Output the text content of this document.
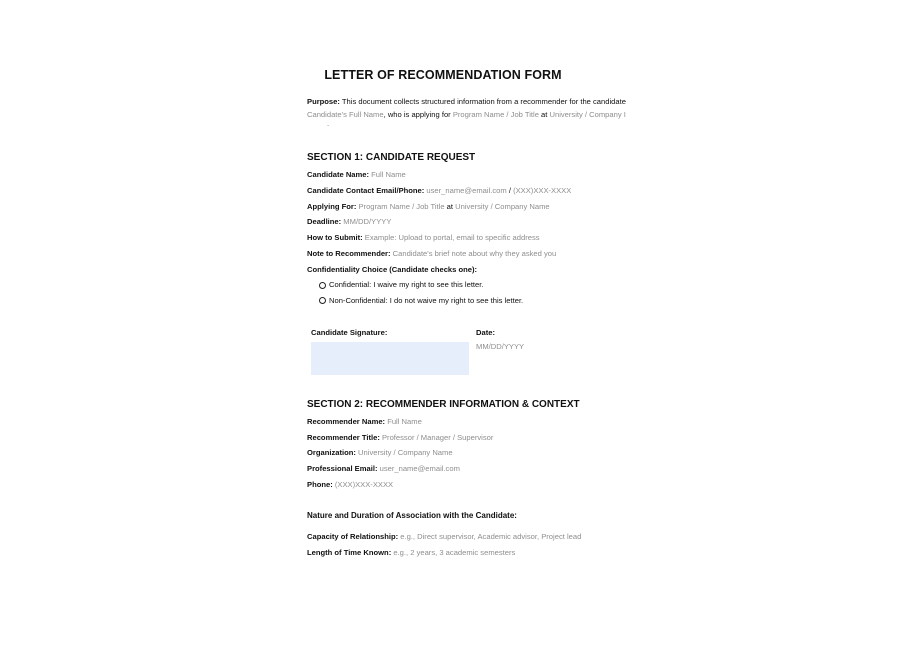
LETTER OF RECOMMENDATION FORM
Purpose: This document collects structured information from a recommender for the candidate
Candidate's Full Name, who is applying for Program Name / Job Title at University / Company I
.
SECTION 1: CANDIDATE REQUEST
Candidate Name: Full Name
Candidate Contact Email/Phone: user_name@email.com / (XXX)XXX-XXXX
Applying For: Program Name / Job Title at University / Company Name
Deadline: MM/DD/YYYY
How to Submit: Example: Upload to portal, email to specific address
Note to Recommender: Candidate's brief note about why they asked you
Confidentiality Choice (Candidate checks one):
Confidential: I waive my right to see this letter.
Non-Confidential: I do not waive my right to see this letter.
Candidate Signature:	Date:
MM/DD/YYYY
SECTION 2: RECOMMENDER INFORMATION & CONTEXT
Recommender Name: Full Name
Recommender Title: Professor / Manager / Supervisor
Organization: University / Company Name
Professional Email: user_name@email.com
Phone: (XXX)XXX-XXXX
Nature and Duration of Association with the Candidate:
Capacity of Relationship: e.g., Direct supervisor, Academic advisor, Project lead
Length of Time Known: e.g., 2 years, 3 academic semesters
